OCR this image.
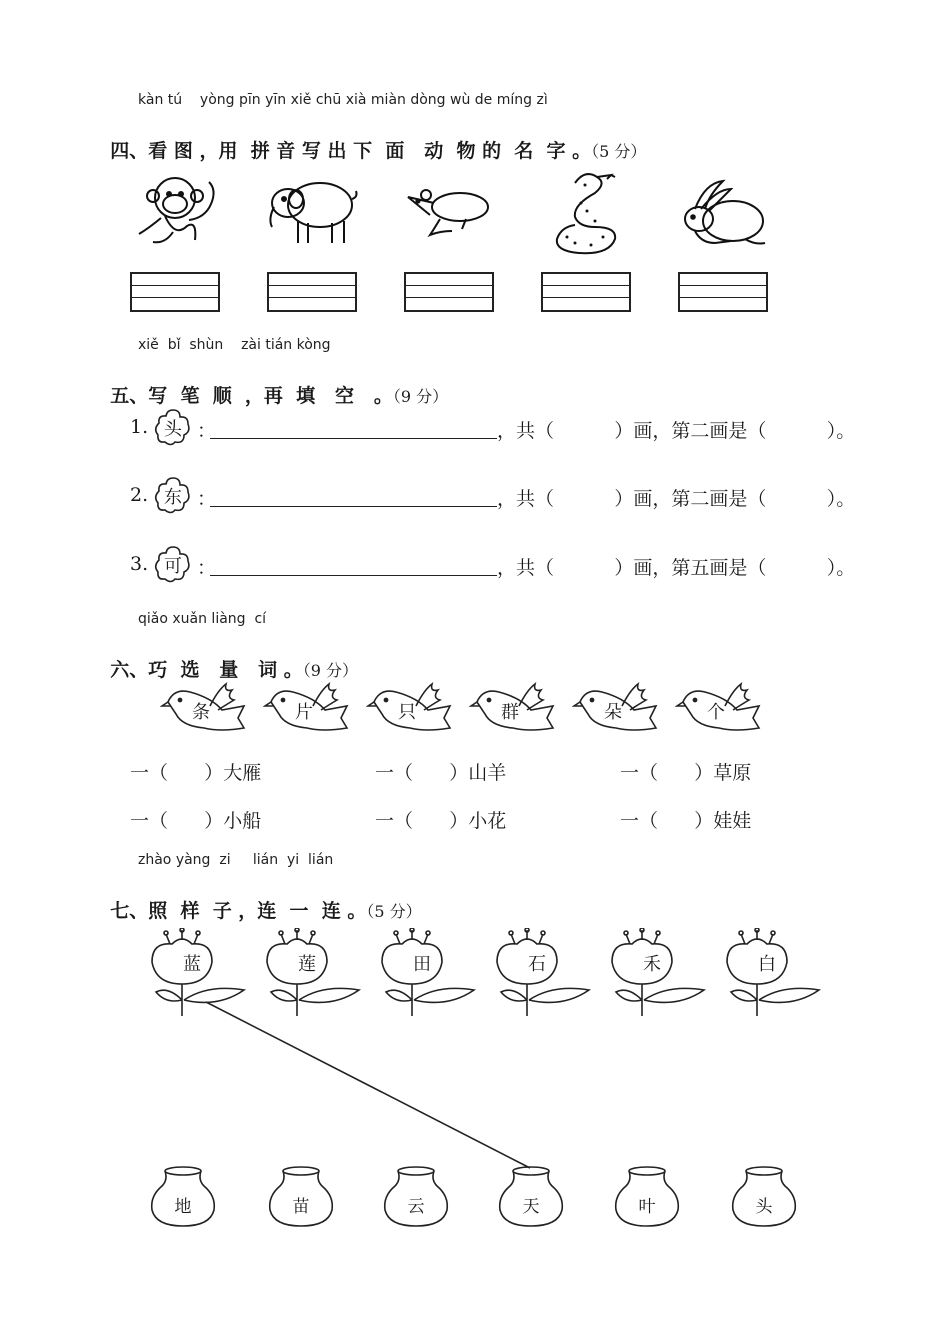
kàn tú    yòng pīn yīn xiě chū xià miàn dòng wù de míng zì

四、看 图 ，用  拼 音 写 出 下  面   动  物 的  名  字 。（5 分）

xiě  bǐ  shùn    zài tián kòng

五、写  笔  顺  ，再  填   空   。（9 分）

1. 头 ：	，共（          ）画，第二画是（          ）。
2. 东 ：	，共（          ）画，第二画是（          ）。
3. 可 ：	，共（          ）画，第五画是（          ）。
qiǎo xuǎn liàng  cí

六、巧  选   量   词 。（9 分）

条	片	只	群	朵	个
一（      ）大雁	一（      ）山羊	一（      ）草原
一（      ）小船	一（      ）小花	一（      ）娃娃
zhào yàng  zi     lián  yi  lián

七、照  样  子 ，连  一  连 。（5 分）

蓝	莲	田	石	禾	白
地	苗	云	天	叶	头
